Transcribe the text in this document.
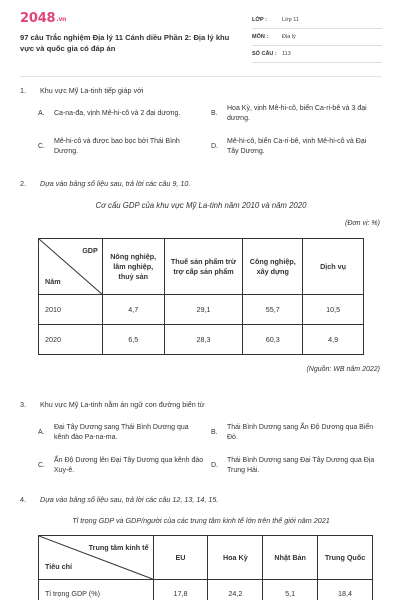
2048.vn
97 câu Trắc nghiệm Địa lý 11 Cánh diều Phần 2: Địa lý khu vực và quốc gia có đáp án
LỚP :	Lớp 11
MÔN :	Địa lý
SỐ CÂU : 113
1. Khu vực Mỹ La-tinh tiếp giáp với
A. Ca-na-đa, vịnh Mê-hi-cô và 2 đại dương.	B.
Hoa Kỳ, vịnh Mê-hi-cô, biển Ca-ri-bê và 3 đại dương.
C.
Mê-hi-cô và được bao bọc bởi Thái Bình Dương.
D.
Mê-hi-cô, biển Ca-ri-bê, vịnh Mê-hi-cô và Đại Tây Dương.
2. Dựa vào bảng số liệu sau, trả lời các câu 9, 10.
Cơ cấu GDP của khu vực Mỹ La-tinh năm 2010 và năm 2020
(Đơn vị: %)
GDP
Năm	Nông nghiệp, lâm nghiệp, thuỷ sản	Thuế sản phẩm trừ trợ cấp sản phẩm	Công nghiệp, xây dựng	Dịch vụ
2010	4,7	29,1	55,7	10,5
2020	6,5	28,3	60,3	4,9
(Nguồn: WB năm 2022)
3. Khu vực Mỹ La-tinh nằm án ngữ con đường biển từ
A.
Đại Tây Dương sang Thái Bình Dương qua kênh đào Pa-na-ma.
B.
Thái Bình Dương sang Ấn Độ Dương qua Biển Đỏ.
C.
Ấn Độ Dương lên Đại Tây Dương qua kênh đào Xuy-ê.
D.
Thái Bình Dương sang Đại Tây Dương qua Địa Trung Hải.
4. Dựa vào bảng số liệu sau, trả lời các câu 12, 13, 14, 15.
Tỉ trọng GDP và GDP/người của các trung tâm kinh tế lớn trên thế giới năm 2021
Trung tâm kinh tế
Tiêu chí	EU	Hoa Kỳ	Nhật Bản	Trung Quốc
Tỉ trọng GDP (%)	17,8	24,2	5,1	18,4
